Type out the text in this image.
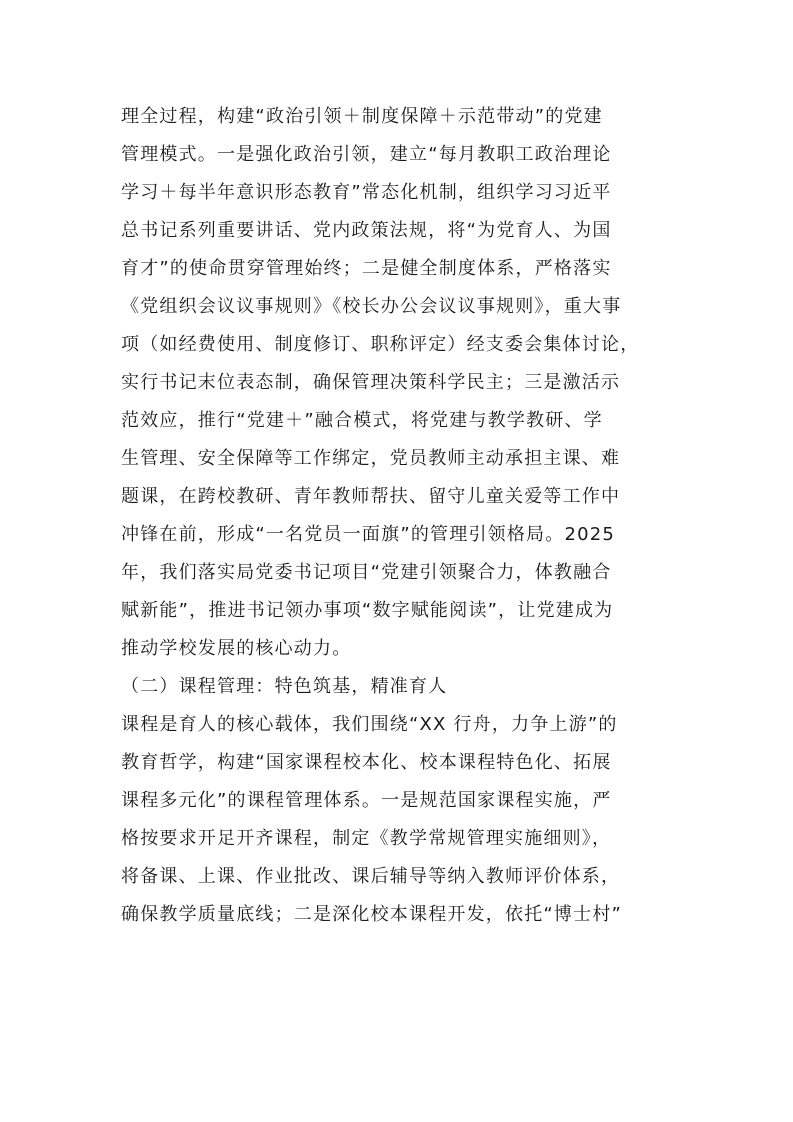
理全过程，构建“政治引领＋制度保障＋示范带动”的党建
管理模式。一是强化政治引领，建立“每月教职工政治理论
学习＋每半年意识形态教育”常态化机制，组织学习习近平
总书记系列重要讲话、党内政策法规，将“为党育人、为国
育才”的使命贯穿管理始终；二是健全制度体系，严格落实
《党组织会议议事规则》《校长办公会议议事规则》，重大事
项（如经费使用、制度修订、职称评定）经支委会集体讨论，
实行书记末位表态制，确保管理决策科学民主；三是激活示
范效应，推行“党建＋”融合模式，将党建与教学教研、学
生管理、安全保障等工作绑定，党员教师主动承担主课、难
题课，在跨校教研、青年教师帮扶、留守儿童关爱等工作中
冲锋在前，形成“一名党员一面旗”的管理引领格局。2025
年，我们落实局党委书记项目“党建引领聚合力，体教融合
赋新能”，推进书记领办事项“数字赋能阅读”，让党建成为
推动学校发展的核心动力。
（二）课程管理：特色筑基，精准育人
课程是育人的核心载体，我们围绕“XX 行舟，力争上游”的
教育哲学，构建“国家课程校本化、校本课程特色化、拓展
课程多元化”的课程管理体系。一是规范国家课程实施，严
格按要求开足开齐课程，制定《教学常规管理实施细则》，
将备课、上课、作业批改、课后辅导等纳入教师评价体系，
确保教学质量底线；二是深化校本课程开发，依托“博士村”
